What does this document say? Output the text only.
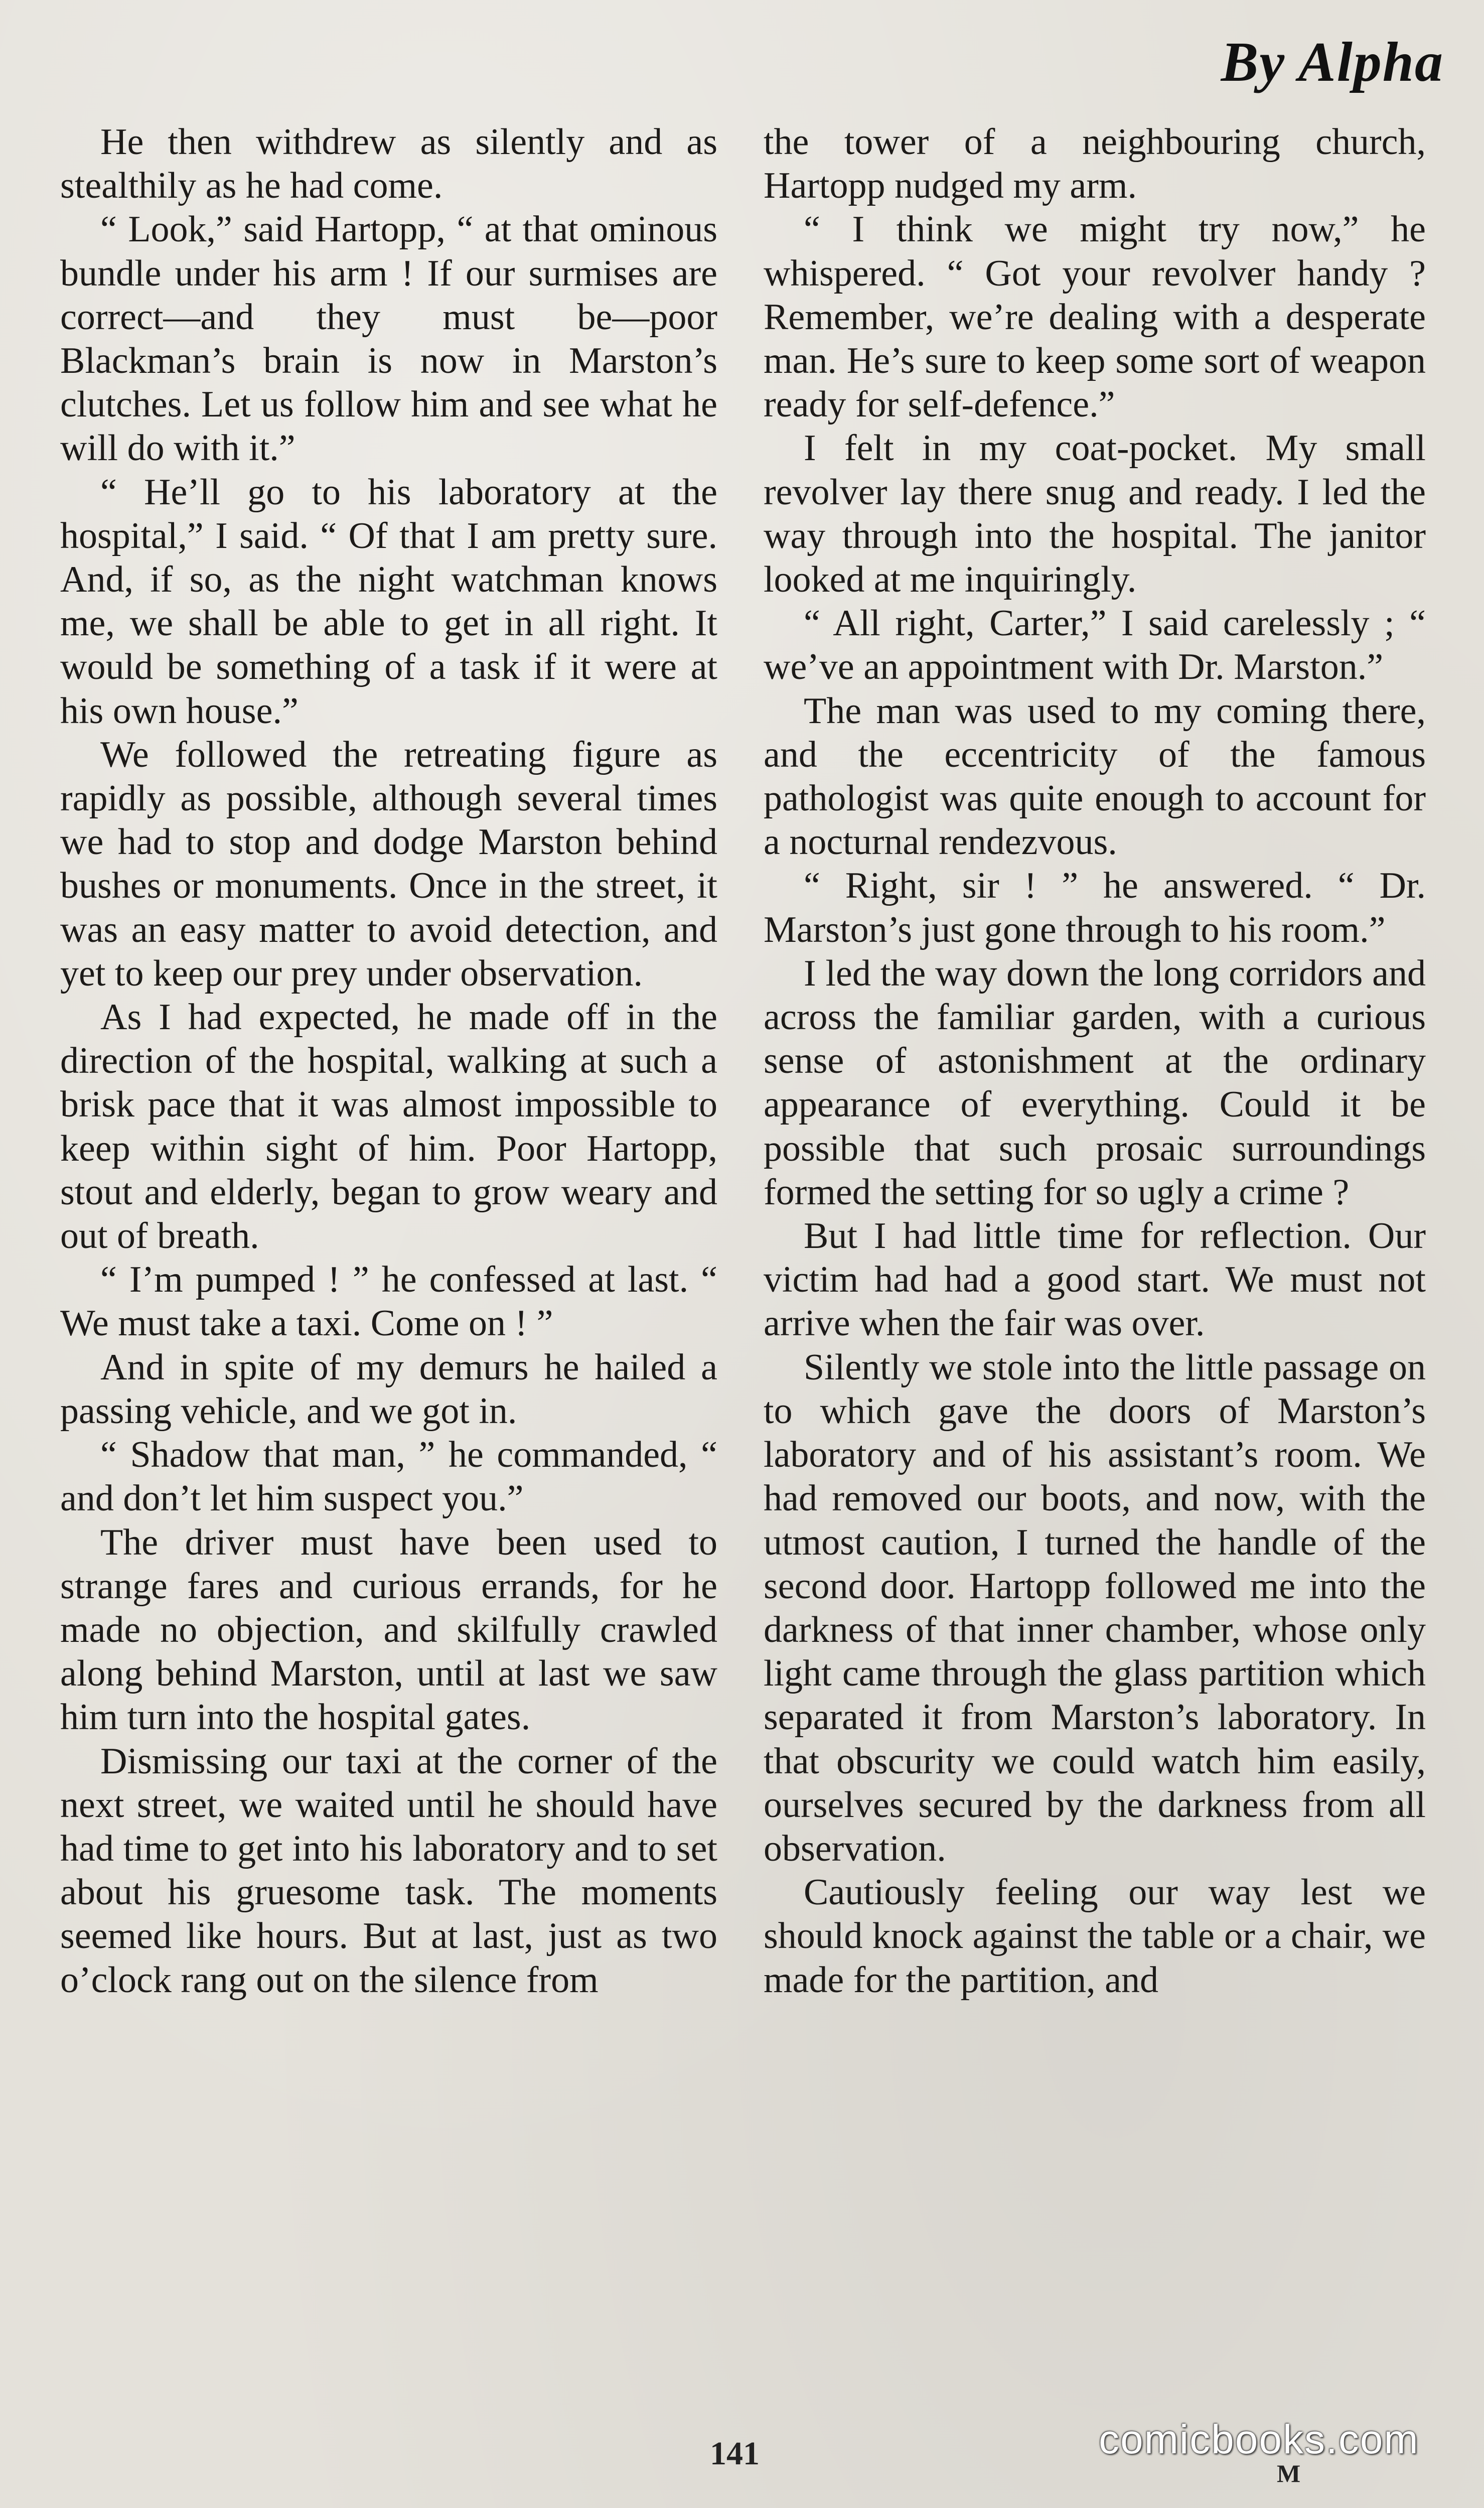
By Alpha

He then withdrew as silently and as stealthily as he had come.

“ Look,” said Hartopp, “ at that ominous bundle under his arm ! If our surmises are correct—and they must be—poor Blackman’s brain is now in Marston’s clutches. Let us follow him and see what he will do with it.”

“ He’ll go to his laboratory at the hospital,” I said. “ Of that I am pretty sure. And, if so, as the night watchman knows me, we shall be able to get in all right. It would be something of a task if it were at his own house.”

We followed the retreating figure as rapidly as possible, although several times we had to stop and dodge Marston behind bushes or monuments. Once in the street, it was an easy matter to avoid detection, and yet to keep our prey under observation.

As I had expected, he made off in the direction of the hospital, walking at such a brisk pace that it was almost impossible to keep within sight of him. Poor Hartopp, stout and elderly, began to grow weary and out of breath.

“ I’m pumped ! ” he confessed at last. “ We must take a taxi. Come on ! ”

And in spite of my demurs he hailed a passing vehicle, and we got in.

“ Shadow that man, ” he commanded, “ and don’t let him suspect you.”

The driver must have been used to strange fares and curious errands, for he made no objection, and skilfully crawled along behind Marston, until at last we saw him turn into the hospital gates.

Dismissing our taxi at the corner of the next street, we waited until he should have had time to get into his laboratory and to set about his gruesome task. The moments seemed like hours. But at last, just as two o’clock rang out on the silence from

the tower of a neighbouring church, Hartopp nudged my arm.

“ I think we might try now,” he whispered. “ Got your revolver handy ? Remember, we’re dealing with a desperate man. He’s sure to keep some sort of weapon ready for self-defence.”

I felt in my coat-pocket. My small revolver lay there snug and ready. I led the way through into the hospital. The janitor looked at me inquiringly.

“ All right, Carter,” I said carelessly ; “ we’ve an appointment with Dr. Marston.”

The man was used to my coming there, and the eccentricity of the famous pathologist was quite enough to account for a nocturnal rendezvous.

“ Right, sir ! ” he answered. “ Dr. Marston’s just gone through to his room.”

I led the way down the long corridors and across the familiar garden, with a curious sense of astonishment at the ordinary appearance of everything. Could it be possible that such prosaic surroundings formed the setting for so ugly a crime ?

But I had little time for reflection. Our victim had had a good start. We must not arrive when the fair was over.

Silently we stole into the little passage on to which gave the doors of Marston’s laboratory and of his assistant’s room. We had removed our boots, and now, with the utmost caution, I turned the handle of the second door. Hartopp followed me into the darkness of that inner chamber, whose only light came through the glass partition which separated it from Marston’s laboratory. In that obscurity we could watch him easily, ourselves secured by the darkness from all observation.

Cautiously feeling our way lest we should knock against the table or a chair, we made for the partition, and

141	comicbooks.com
M
